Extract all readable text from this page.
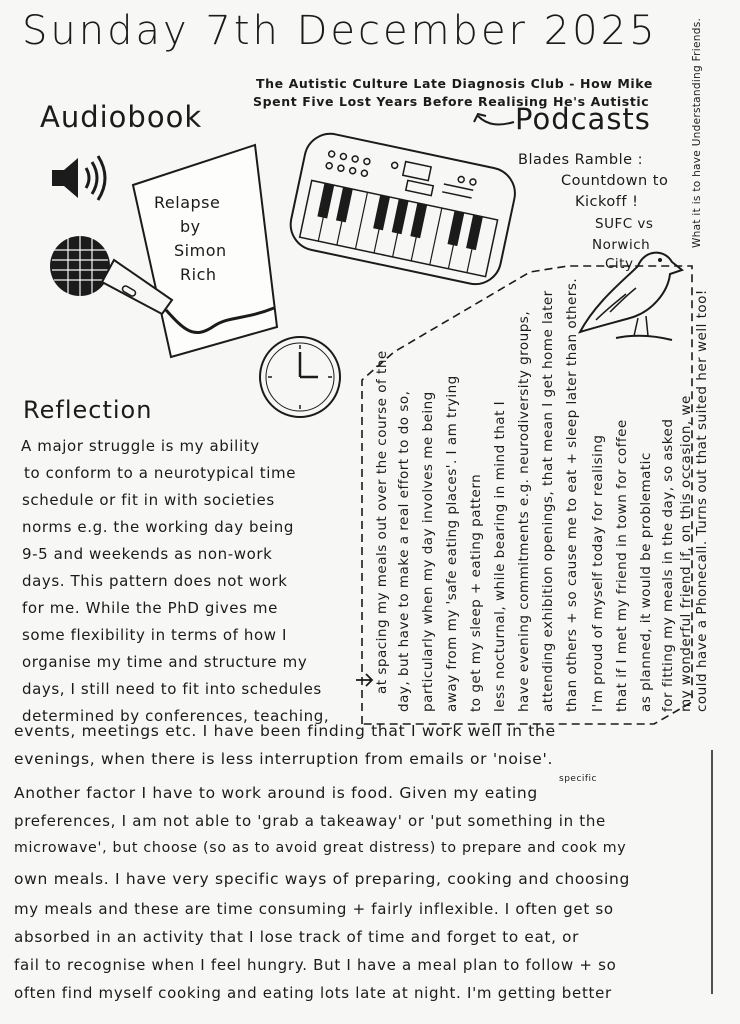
Sunday 7th December 2025	What it is to have Understanding Friends.
The Autistic Culture Late Diagnosis Club - How Mike
Spent Five Lost Years Before Realising He's Autistic
Audiobook	Podcasts
Relapse
by
Simon
Rich
Blades Ramble :
Countdown to
Kickoff !
SUFC vs
Norwich
City
Reflection
A major struggle is my ability
to conform to a neurotypical time
schedule or fit in with societies
norms e.g. the working day being
9-5 and weekends as non-work
days. This pattern does not work
for me. While the PhD gives me
some flexibility in terms of how I
organise my time and structure my
days, I still need to fit into schedules
determined by conferences, teaching,
at spacing my meals out over the course of the day, but have to make a real effort to do so, particularly when my day involves me being away from my 'safe eating places'. I am trying to get my sleep + eating pattern less nocturnal, while bearing in mind that I have evening commitments e.g. neurodiversity groups, attending exhibition openings, that mean I get home later than others + so cause me to eat + sleep later than others. I'm proud of myself today for realising that if I met my friend in town for coffee as planned, it would be problematic for fitting my meals in the day, so asked my wonderful friend if, on this occasion, we could have a Phonecall. Turns out that suited her well too!
events, meetings etc. I have been finding that I work well in the
evenings, when there is less interruption from emails or 'noise'.
specific
Another factor I have to work around is food. Given my eating
preferences, I am not able to 'grab a takeaway' or 'put something in the
microwave', but choose (so as to avoid great distress) to prepare and cook my
own meals. I have very specific ways of preparing, cooking and choosing
my meals and these are time consuming + fairly inflexible. I often get so
absorbed in an activity that I lose track of time and forget to eat, or
fail to recognise when I feel hungry. But I have a meal plan to follow + so
often find myself cooking and eating lots late at night. I'm getting better
